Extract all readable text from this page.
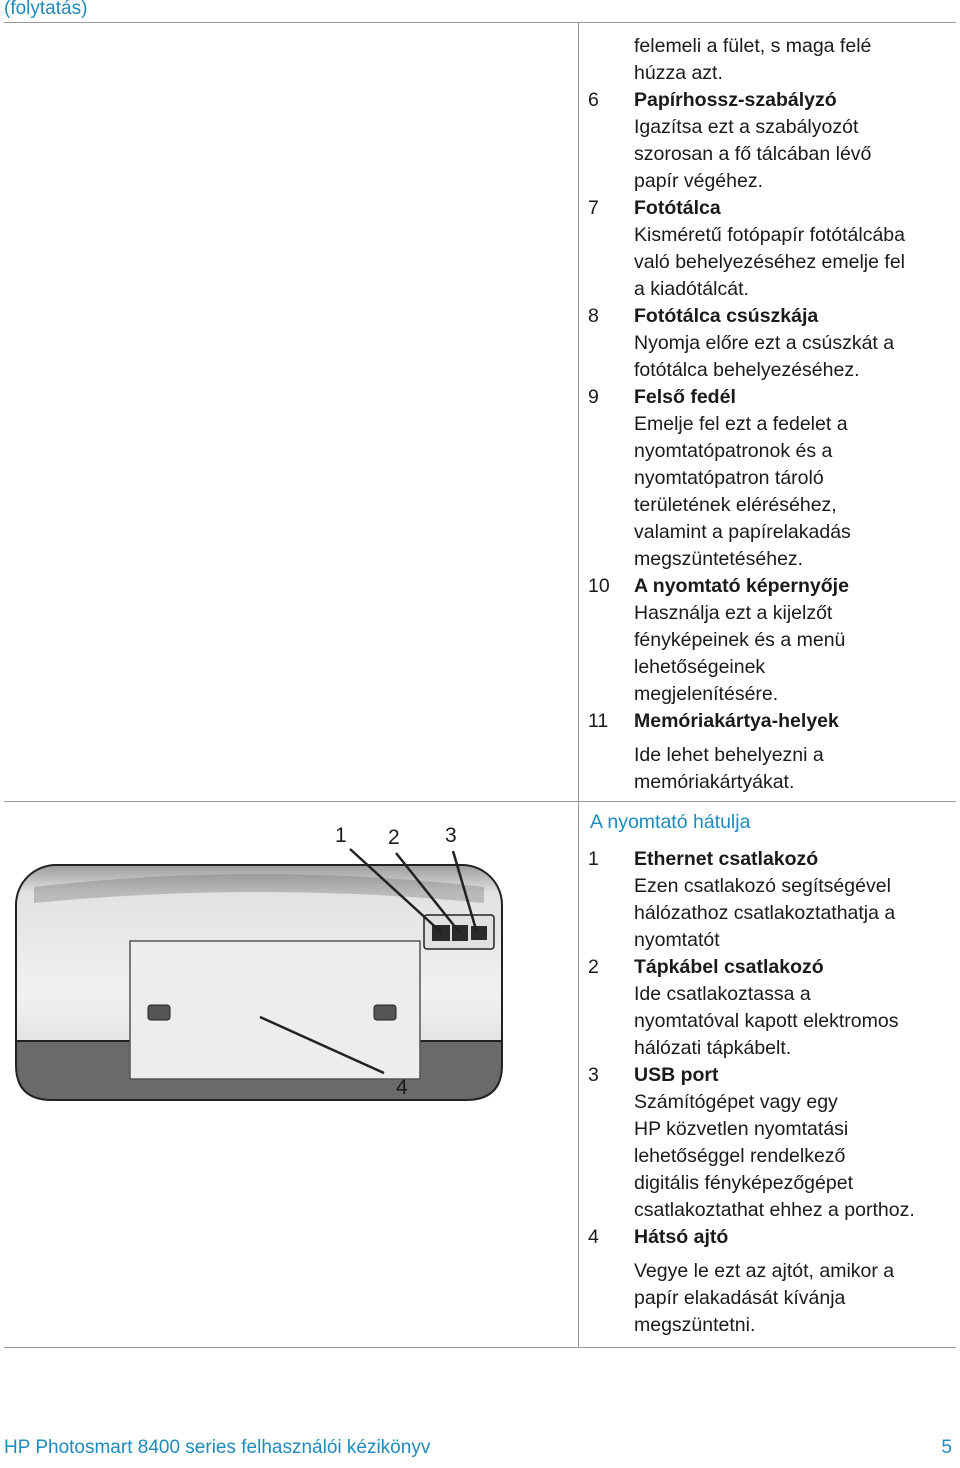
(folytatás)
felemeli a fület, s maga felé
húzza azt.
6	Papírhossz-szabályzó
Igazítsa ezt a szabályozót
szorosan a fő tálcában lévő
papír végéhez.
7	Fotótálca
Kisméretű fotópapír fotótálcába
való behelyezéséhez emelje fel
a kiadótálcát.
8	Fotótálca csúszkája
Nyomja előre ezt a csúszkát a
fotótálca behelyezéséhez.
9	Felső fedél
Emelje fel ezt a fedelet a
nyomtatópatronok és a
nyomtatópatron tároló
területének eléréséhez,
valamint a papírelakadás
megszüntetéséhez.
10	A nyomtató képernyője
Használja ezt a kijelzőt
fényképeinek és a menü
lehetőségeinek
megjelenítésére.
11	Memóriakártya-helyek
Ide lehet behelyezni a
memóriakártyákat.
1 2 3
4
A nyomtató hátulja
1	Ethernet csatlakozó
Ezen csatlakozó segítségével
hálózathoz csatlakoztathatja a
nyomtatót
2	Tápkábel csatlakozó
Ide csatlakoztassa a
nyomtatóval kapott elektromos
hálózati tápkábelt.
3	USB port
Számítógépet vagy egy
HP közvetlen nyomtatási
lehetőséggel rendelkező
digitális fényképezőgépet
csatlakoztathat ehhez a porthoz.
4	Hátsó ajtó
Vegye le ezt az ajtót, amikor a
papír elakadását kívánja
megszüntetni.
HP Photosmart 8400 series felhasználói kézikönyv	5
